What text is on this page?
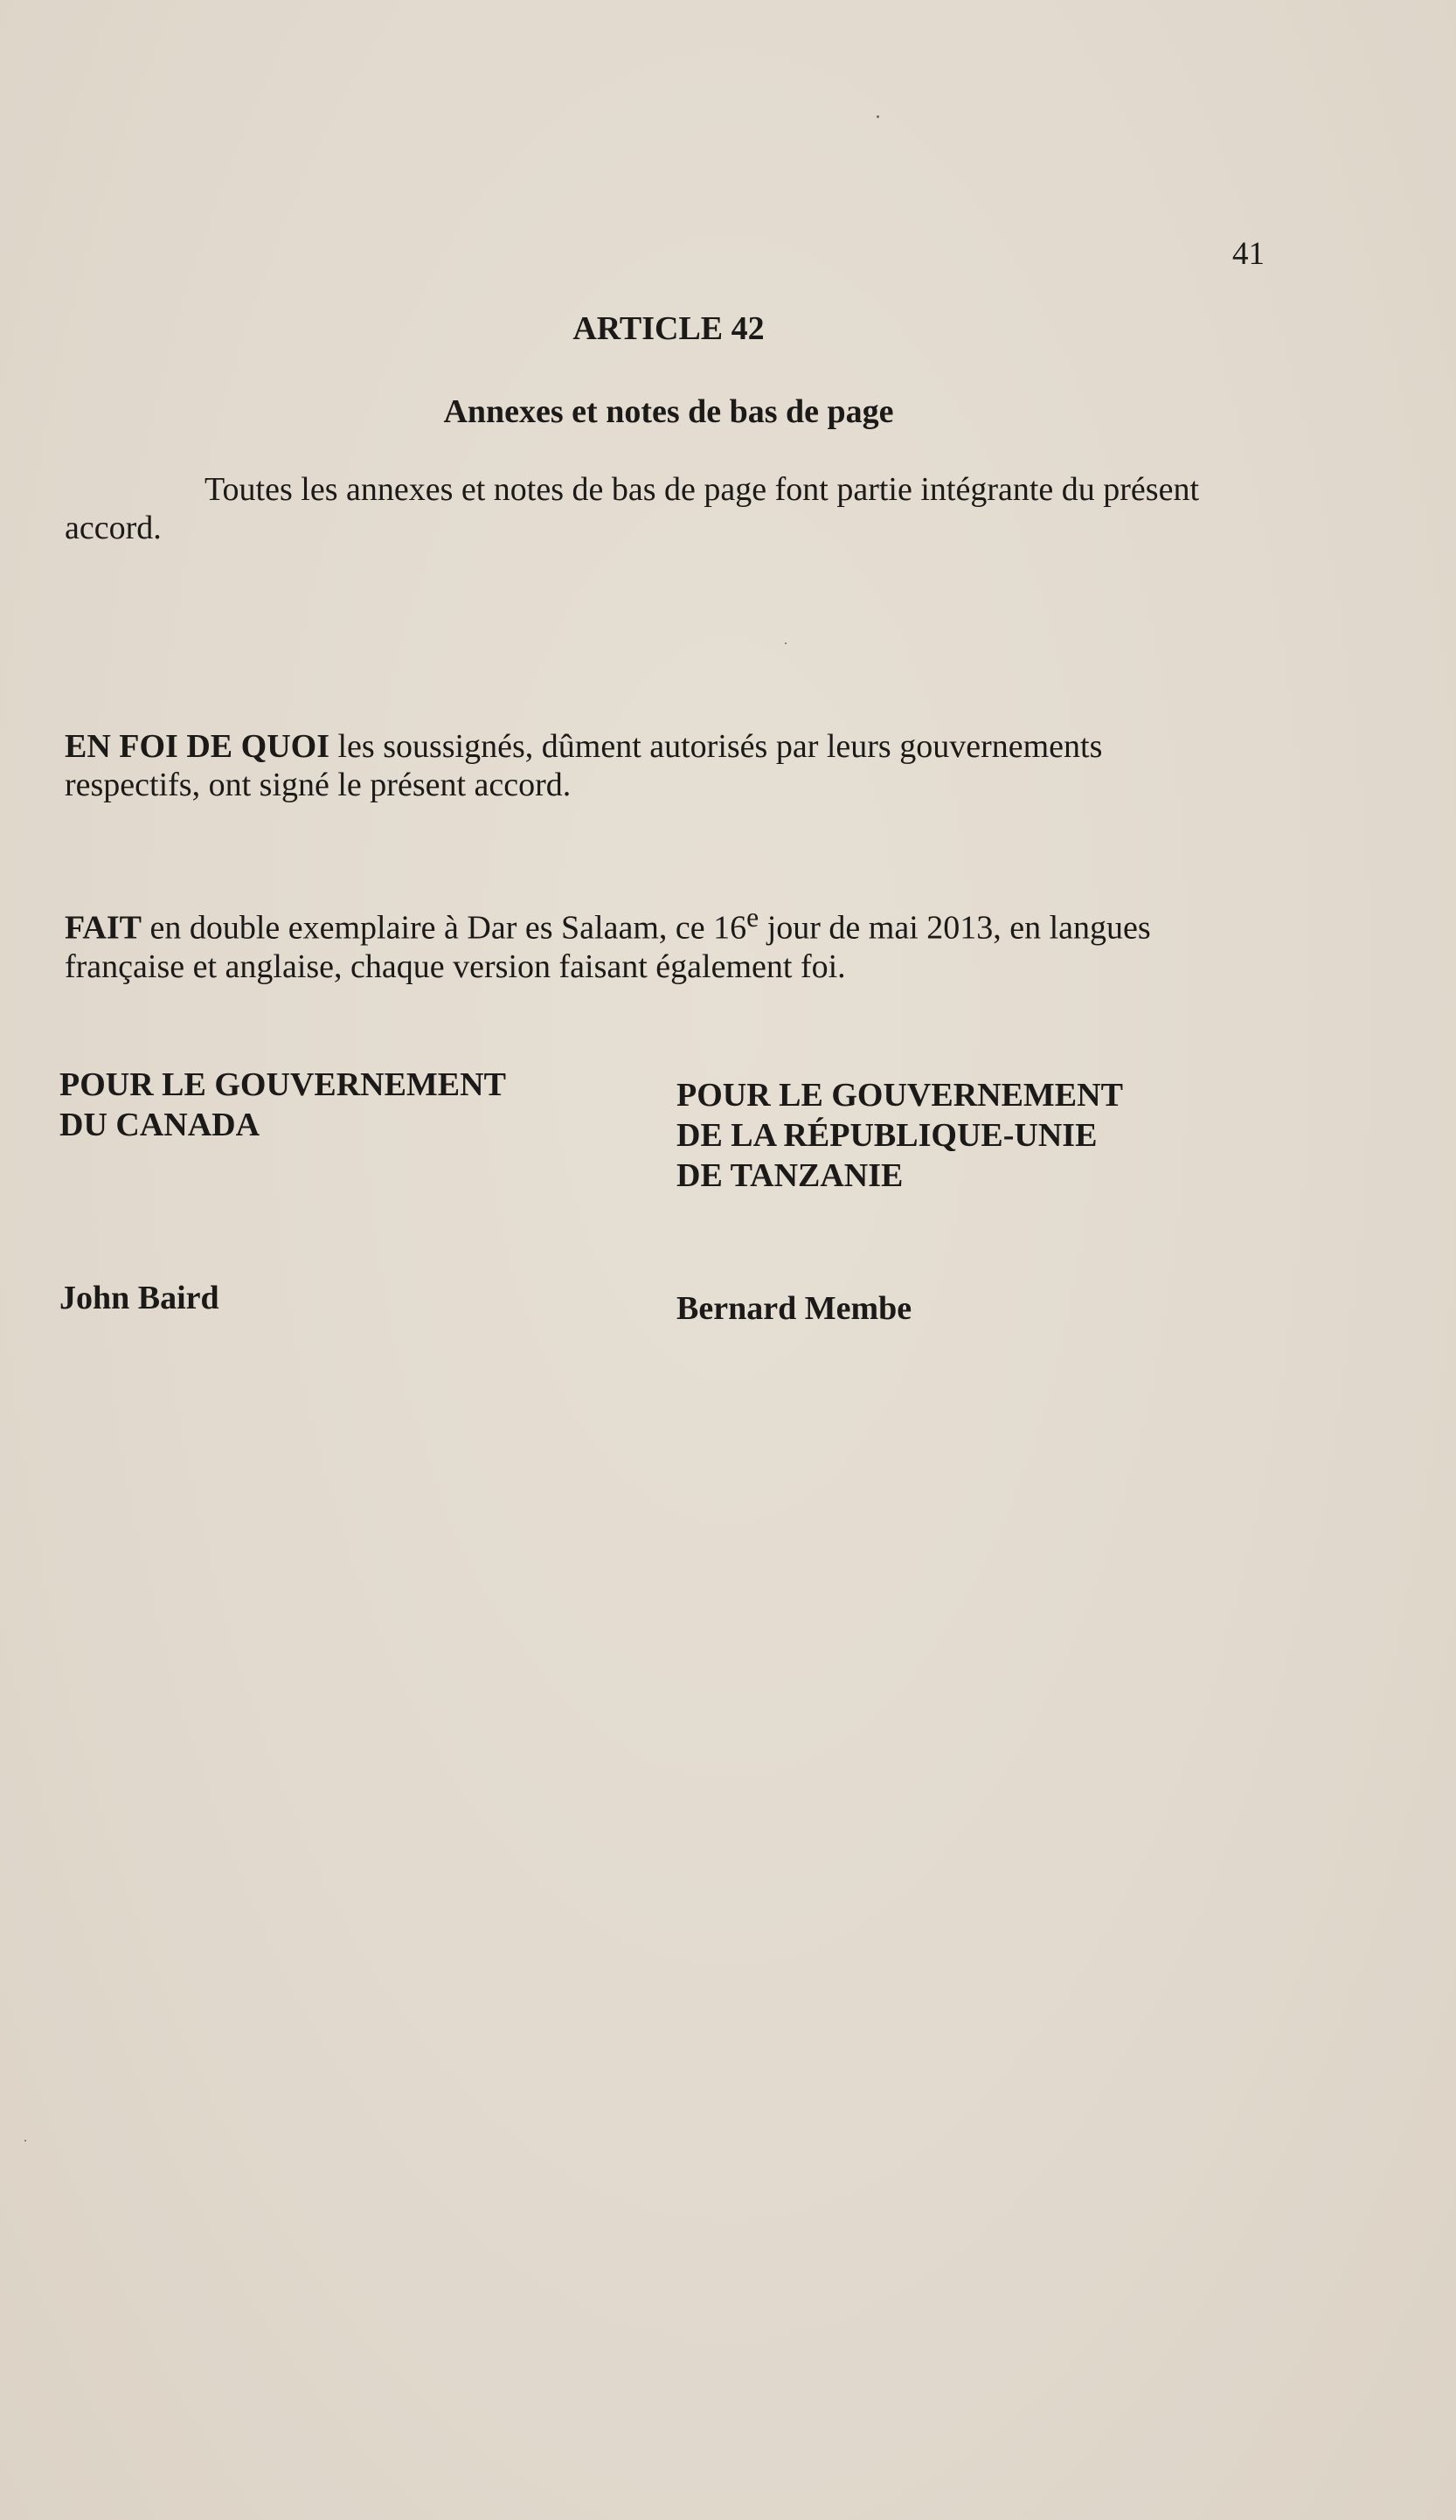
41
ARTICLE 42
Annexes et notes de bas de page
Toutes les annexes et notes de bas de page font partie intégrante du présent accord.
EN FOI DE QUOI les soussignés, dûment autorisés par leurs gouvernements respectifs, ont signé le présent accord.
FAIT en double exemplaire à Dar es Salaam, ce 16e jour de mai 2013, en langues française et anglaise, chaque version faisant également foi.
POUR LE GOUVERNEMENT
DU CANADA
POUR LE GOUVERNEMENT
DE LA RÉPUBLIQUE-UNIE
DE TANZANIE
John Baird	Bernard Membe
